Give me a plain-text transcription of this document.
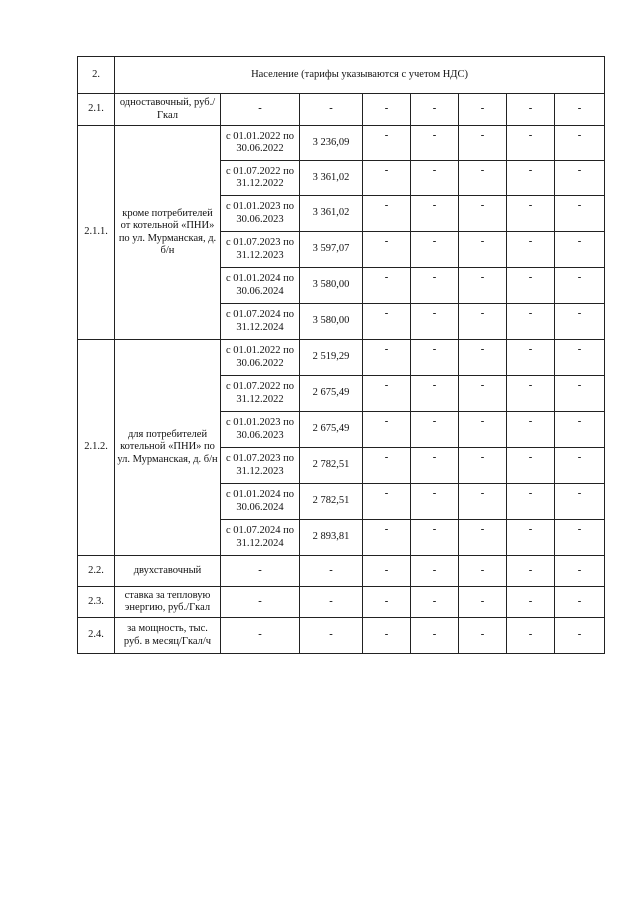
2.	Население (тарифы указываются с учетом НДС)							
2.1.	одноставочный, руб./Гкал	-	-	-	-	-	-	-
2.1.1.	кроме потребителей от котельной «ПНИ» по ул. Мурманская, д. б/н	с 01.01.2022 по 30.06.2022	3 236,09	-	-	-	-	-
		с 01.07.2022 по 31.12.2022	3 361,02	-	-	-	-	-
		с 01.01.2023 по 30.06.2023	3 361,02	-	-	-	-	-
		с 01.07.2023 по 31.12.2023	3 597,07	-	-	-	-	-
		с 01.01.2024 по 30.06.2024	3 580,00	-	-	-	-	-
		с 01.07.2024 по 31.12.2024	3 580,00	-	-	-	-	-
2.1.2.	для потребителей котельной «ПНИ» по ул. Мурманская, д. б/н	с 01.01.2022 по 30.06.2022	2 519,29	-	-	-	-	-
		с 01.07.2022 по 31.12.2022	2 675,49	-	-	-	-	-
		с 01.01.2023 по 30.06.2023	2 675,49	-	-	-	-	-
		с 01.07.2023 по 31.12.2023	2 782,51	-	-	-	-	-
		с 01.01.2024 по 30.06.2024	2 782,51	-	-	-	-	-
		с 01.07.2024 по 31.12.2024	2 893,81	-	-	-	-	-
2.2.	двухставочный	-	-	-	-	-	-	-
2.3.	ставка за тепловую энергию, руб./Гкал	-	-	-	-	-	-	-
2.4.	за мощность, тыс. руб. в месяц/Гкал/ч	-	-	-	-	-	-	-
